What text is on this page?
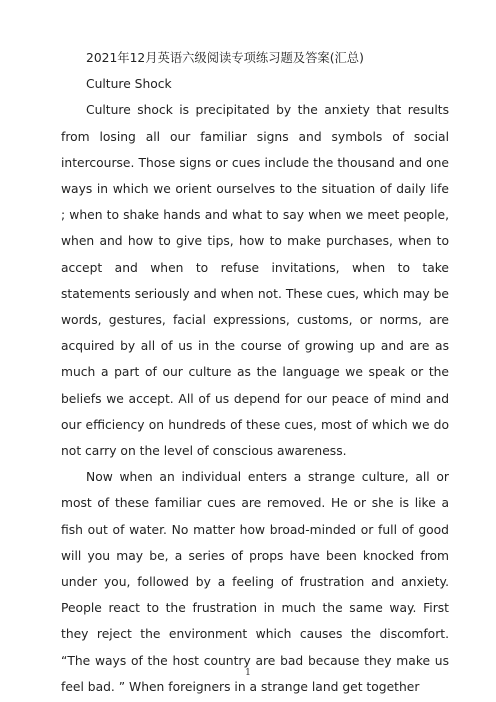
2021年12月英语六级阅读专项练习题及答案(汇总)

Culture Shock

Culture shock is precipitated by the anxiety that results from losing all our familiar signs and symbols of social intercourse. Those signs or cues include the thousand and one ways in which we orient ourselves to the situation of daily life ; when to shake hands and what to say when we meet people, when and how to give tips, how to make purchases, when to accept and when to refuse invitations, when to take statements seriously and when not. These cues, which may be words, gestures, facial expressions, customs, or norms, are acquired by all of us in the course of growing up and are as much a part of our culture as the language we speak or the beliefs we accept. All of us depend for our peace of mind and our efficiency on hundreds of these cues, most of which we do not carry on the level of conscious awareness.

Now when an individual enters a strange culture, all or most of these familiar cues are removed. He or she is like a fish out of water. No matter how broad-minded or full of good will you may be, a series of props have been knocked from under you, followed by a feeling of frustration and anxiety. People react to the frustration in much the same way. First they reject the environment which causes the discomfort. “The ways of the host country are bad because they make us feel bad. ” When foreigners in a strange land get together

1
